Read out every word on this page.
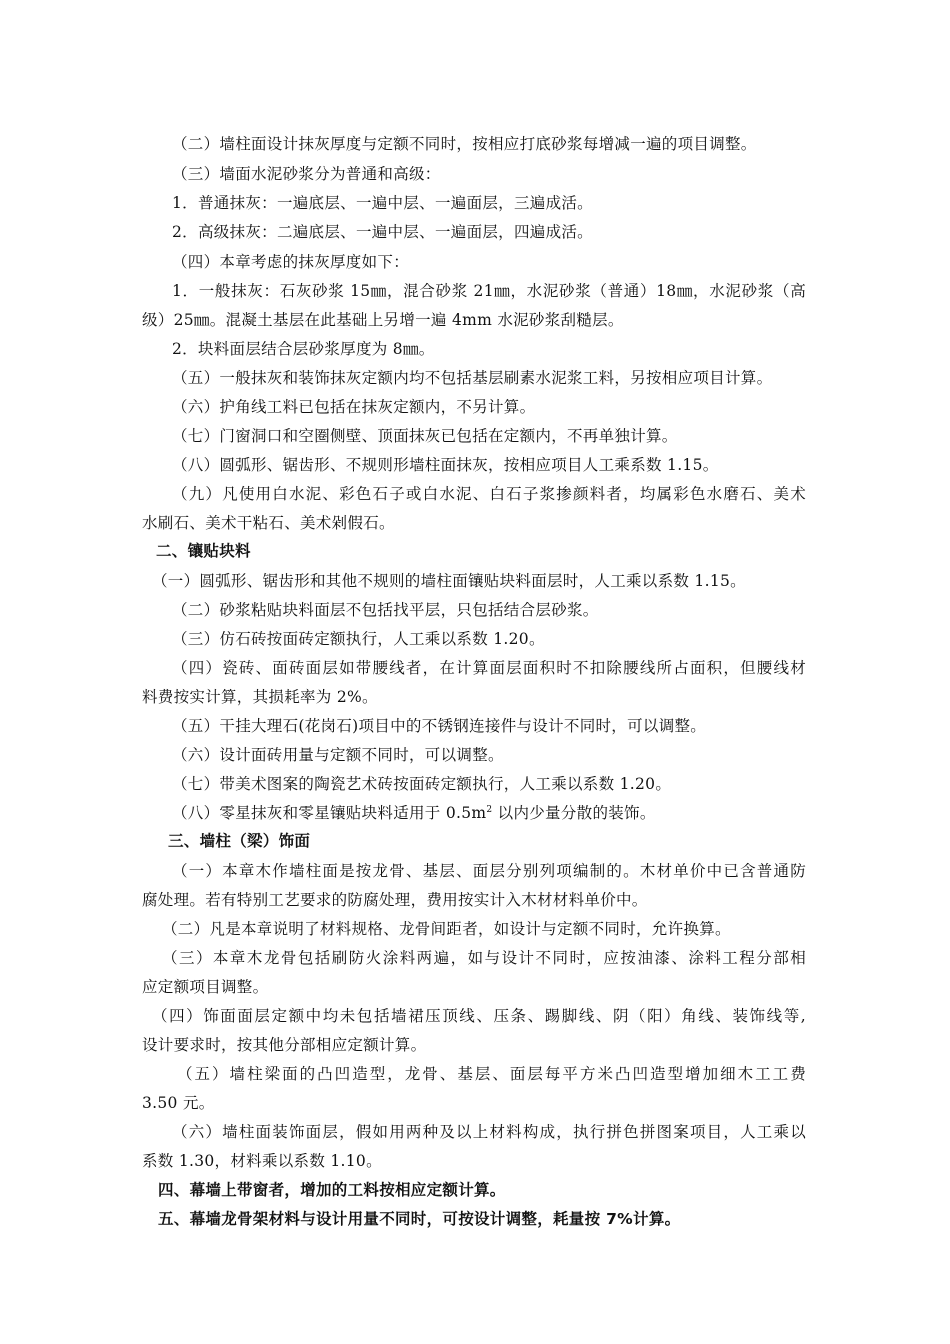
（二）墙柱面设计抹灰厚度与定额不同时，按相应打底砂浆每增减一遍的项目调整。
（三）墙面水泥砂浆分为普通和高级：
1．普通抹灰：一遍底层、一遍中层、一遍面层，三遍成活。
2．高级抹灰：二遍底层、一遍中层、一遍面层，四遍成活。
（四）本章考虑的抹灰厚度如下：
1．一般抹灰：石灰砂浆 15㎜，混合砂浆 21㎜，水泥砂浆（普通）18㎜，水泥砂浆（高
级）25㎜。混凝土基层在此基础上另增一遍 4mm 水泥砂浆刮糙层。
2．块料面层结合层砂浆厚度为 8㎜。
（五）一般抹灰和装饰抹灰定额内均不包括基层刷素水泥浆工料，另按相应项目计算。
（六）护角线工料已包括在抹灰定额内，不另计算。
（七）门窗洞口和空圈侧壁、顶面抹灰已包括在定额内，不再单独计算。
（八）圆弧形、锯齿形、不规则形墙柱面抹灰，按相应项目人工乘系数 1.15。
（九）凡使用白水泥、彩色石子或白水泥、白石子浆掺颜料者，均属彩色水磨石、美术
水刷石、美术干粘石、美术剁假石。
二、镶贴块料
（一）圆弧形、锯齿形和其他不规则的墙柱面镶贴块料面层时，人工乘以系数 1.15。
（二）砂浆粘贴块料面层不包括找平层，只包括结合层砂浆。
（三）仿石砖按面砖定额执行，人工乘以系数 1.20。
（四）瓷砖、面砖面层如带腰线者，在计算面层面积时不扣除腰线所占面积，但腰线材
料费按实计算，其损耗率为 2%。
（五）干挂大理石(花岗石)项目中的不锈钢连接件与设计不同时，可以调整。
（六）设计面砖用量与定额不同时，可以调整。
（七）带美术图案的陶瓷艺术砖按面砖定额执行，人工乘以系数 1.20。
（八）零星抹灰和零星镶贴块料适用于 $0.5m^2$ 以内少量分散的装饰。
三、墙柱（梁）饰面
（一）本章木作墙柱面是按龙骨、基层、面层分别列项编制的。木材单价中已含普通防
腐处理。若有特别工艺要求的防腐处理，费用按实计入木材材料单价中。
（二）凡是本章说明了材料规格、龙骨间距者，如设计与定额不同时，允许换算。
（三）本章木龙骨包括刷防火涂料两遍，如与设计不同时，应按油漆、涂料工程分部相
应定额项目调整。
（四）饰面面层定额中均未包括墙裙压顶线、压条、踢脚线、阴（阳）角线、装饰线等,
设计要求时，按其他分部相应定额计算。
（五）墙柱梁面的凸凹造型，龙骨、基层、面层每平方米凸凹造型增加细木工工费
3.50 元。
（六）墙柱面装饰面层，假如用两种及以上材料构成，执行拼色拼图案项目，人工乘以
系数 1.30，材料乘以系数 1.10。
四、幕墙上带窗者，增加的工料按相应定额计算。
五、幕墙龙骨架材料与设计用量不同时，可按设计调整，耗量按 7%计算。
